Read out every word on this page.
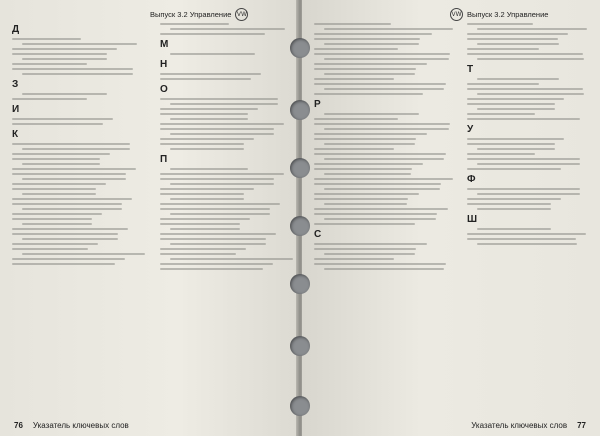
Выпуск 3.2 Управление VW
Д
З
И
К
М
Н
О
П
76 Указатель ключевых слов
VW Выпуск 3.2 Управление
Р
С
Т
У
Ф
Ш
Указатель ключевых слов 77
